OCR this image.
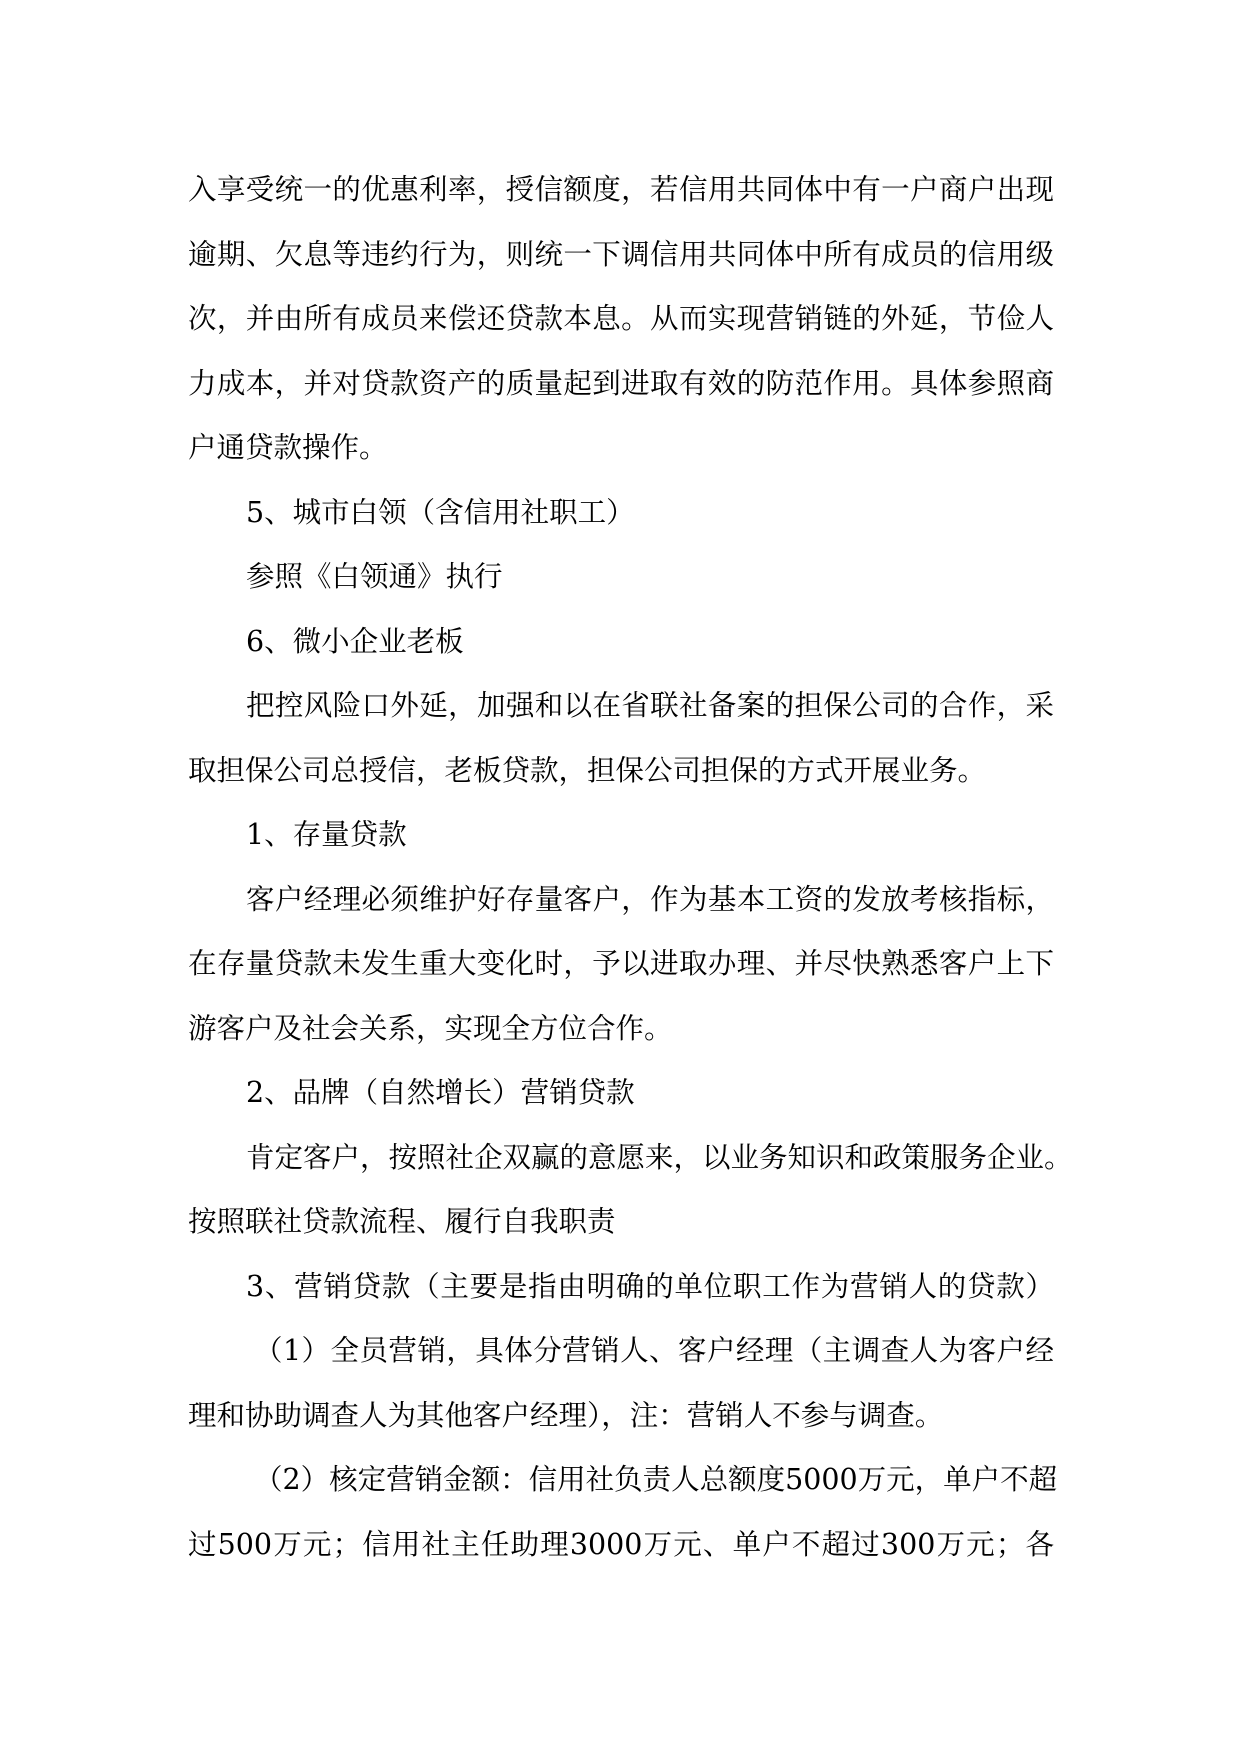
入享受统一的优惠利率，授信额度，若信用共同体中有一户商户出现
逾期、欠息等违约行为，则统一下调信用共同体中所有成员的信用级
次，并由所有成员来偿还贷款本息。从而实现营销链的外延，节俭人
力成本，并对贷款资产的质量起到进取有效的防范作用。具体参照商
户通贷款操作。
5、城市白领（含信用社职工）
参照《白领通》执行
6、微小企业老板
把控风险口外延，加强和以在省联社备案的担保公司的合作，采
取担保公司总授信，老板贷款，担保公司担保的方式开展业务。
1、存量贷款
客户经理必须维护好存量客户，作为基本工资的发放考核指标，
在存量贷款未发生重大变化时，予以进取办理、并尽快熟悉客户上下
游客户及社会关系，实现全方位合作。
2、品牌（自然增长）营销贷款
肯定客户，按照社企双赢的意愿来，以业务知识和政策服务企业。
按照联社贷款流程、履行自我职责
3、营销贷款（主要是指由明确的单位职工作为营销人的贷款）
（1）全员营销，具体分营销人、客户经理（主调查人为客户经
理和协助调查人为其他客户经理），注：营销人不参与调查。
（2）核定营销金额：信用社负责人总额度5000万元，单户不超
过500万元；信用社主任助理3000万元、单户不超过300万元；各
